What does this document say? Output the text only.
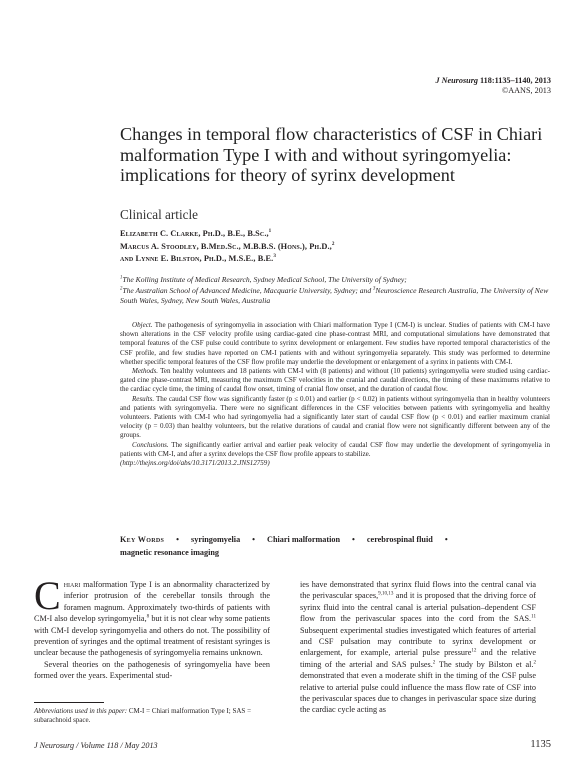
J Neurosurg 118:1135–1140, 2013
©AANS, 2013
Changes in temporal flow characteristics of CSF in Chiari malformation Type I with and without syringomyelia: implications for theory of syrinx development
Clinical article
Elizabeth C. Clarke, Ph.D., B.E., B.Sc.,$^1$
Marcus A. Stoodley, B.Med.Sc., M.B.B.S. (Hons.), Ph.D.,$^2$
and Lynne E. Bilston, Ph.D., M.S.E., B.E.$^3$

$^1$The Kolling Institute of Medical Research, Sydney Medical School, The University of Sydney;

$^2$The Australian School of Advanced Medicine, Macquarie University, Sydney; and $^3$Neuroscience Research Australia, The University of New South Wales, Sydney, New South Wales, Australia

Object. The pathogenesis of syringomyelia in association with Chiari malformation Type I (CM-I) is unclear. Studies of patients with CM-I have shown alterations in the CSF velocity profile using cardiac-gated cine phase-contrast MRI, and computational simulations have demonstrated that temporal features of the CSF pulse could contribute to syrinx development or enlargement. Few studies have reported temporal characteristics of the CSF profile, and few studies have reported on CM-I patients with and without syringomyelia separately. This study was performed to determine whether specific temporal features of the CSF flow profile may underlie the development or enlargement of a syrinx in patients with CM-I.

Methods. Ten healthy volunteers and 18 patients with CM-I with (8 patients) and without (10 patients) syringomyelia were studied using cardiac-gated cine phase-contrast MRI, measuring the maximum CSF velocities in the cranial and caudal directions, the timing of these maximums relative to the cardiac cycle time, the timing of caudal flow onset, timing of cranial flow onset, and the duration of caudal flow.

Results. The caudal CSF flow was significantly faster (p ≤ 0.01) and earlier (p < 0.02) in patients without syringomyelia than in healthy volunteers and patients with syringomyelia. There were no significant differences in the CSF velocities between patients with syringomyelia and healthy volunteers. Patients with CM-I who had syringomyelia had a significantly later start of caudal CSF flow (p < 0.01) and earlier maximum cranial velocity (p = 0.03) than healthy volunteers, but the relative durations of caudal and cranial flow were not significantly different between any of the groups.

Conclusions. The significantly earlier arrival and earlier peak velocity of caudal CSF flow may underlie the development of syringomyelia in patients with CM-I, and after a syrinx develops the CSF flow profile appears to stabilize.

(http://thejns.org/doi/abs/10.3171/2013.2.JNS12759)

Key Words • syringomyelia • Chiari malformation • cerebrospinal fluid •
magnetic resonance imaging

Chiari malformation Type I is an abnormality characterized by inferior protrusion of the cerebellar tonsils through the foramen magnum. Approximately two-thirds of patients with CM-I also develop syringomyelia,$^8$ but it is not clear why some patients with CM-I develop syringomyelia and others do not. The possibility of prevention of syringes and the optimal treatment of resistant syringes is unclear because the pathogenesis of syringomyelia remains unknown.

Several theories on the pathogenesis of syringomyelia have been formed over the years. Experimental stud-

ies have demonstrated that syrinx fluid flows into the central canal via the perivascular spaces,$^{9,10,13}$ and it is proposed that the driving force of syrinx fluid into the central canal is arterial pulsation–dependent CSF flow from the perivascular spaces into the cord from the SAS.$^{11}$ Subsequent experimental studies investigated which features of arterial and CSF pulsation may contribute to syrinx development or enlargement, for example, arterial pulse pressure$^{12}$ and the relative timing of the arterial and SAS pulses.$^2$ The study by Bilston et al.$^2$ demonstrated that even a moderate shift in the timing of the CSF pulse relative to arterial pulse could influence the mass flow rate of CSF into the perivascular spaces due to changes in perivascular space size during the cardiac cycle acting as

Abbreviations used in this paper: CM-I = Chiari malformation Type I; SAS = subarachnoid space.
J Neurosurg / Volume 118 / May 2013	1135
